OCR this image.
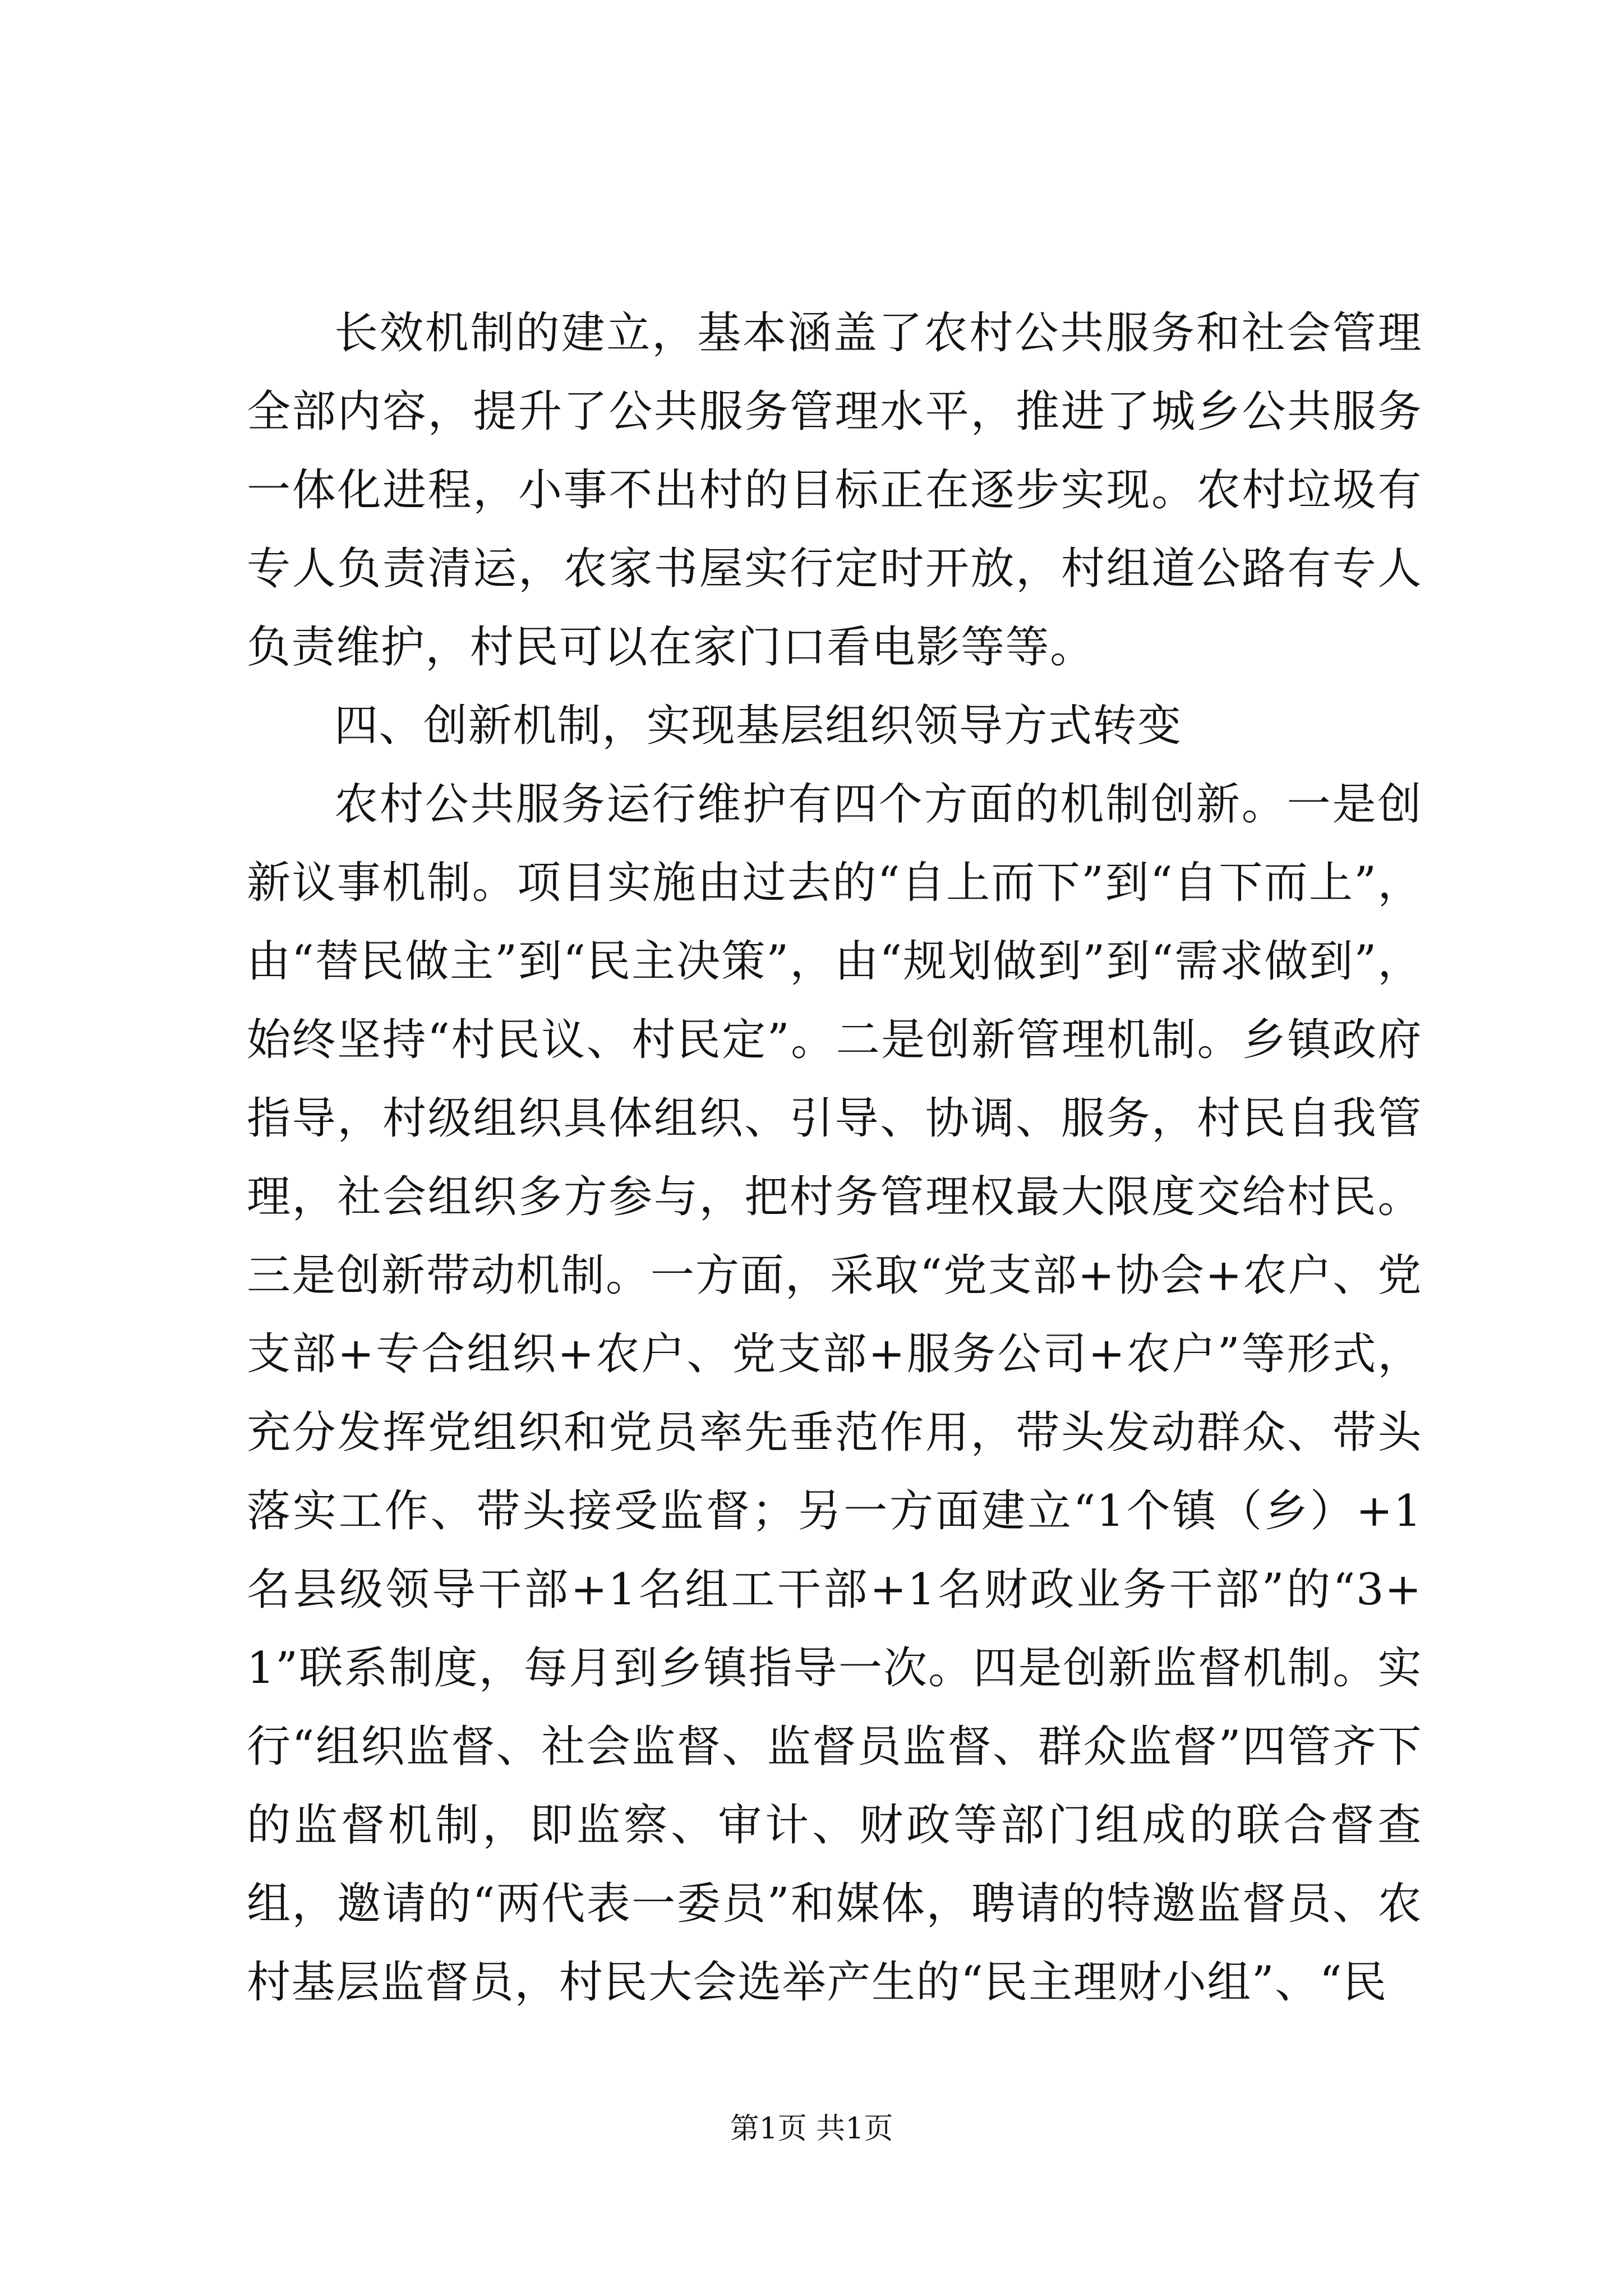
长效机制的建立，基本涵盖了农村公共服务和社会管理全部内容，提升了公共服务管理水平，推进了城乡公共服务一体化进程，小事不出村的目标正在逐步实现。农村垃圾有专人负责清运，农家书屋实行定时开放，村组道公路有专人负责维护，村民可以在家门口看电影等等。

四、创新机制，实现基层组织领导方式转变

农村公共服务运行维护有四个方面的机制创新。一是创新议事机制。项目实施由过去的“自上而下”到“自下而上”，由“替民做主”到“民主决策”，由“规划做到”到“需求做到”，始终坚持“村民议、村民定”。二是创新管理机制。乡镇政府指导，村级组织具体组织、引导、协调、服务，村民自我管理，社会组织多方参与，把村务管理权最大限度交给村民。三是创新带动机制。一方面，采取“党支部+协会+农户、党支部+专合组织+农户、党支部+服务公司+农户”等形式，充分发挥党组织和党员率先垂范作用，带头发动群众、带头落实工作、带头接受监督；另一方面建立“1个镇（乡）+1名县级领导干部+1名组工干部+1名财政业务干部”的“3+1”联系制度，每月到乡镇指导一次。四是创新监督机制。实行“组织监督、社会监督、监督员监督、群众监督”四管齐下的监督机制，即监察、审计、财政等部门组成的联合督查组，邀请的“两代表一委员”和媒体，聘请的特邀监督员、农村基层监督员，村民大会选举产生的“民主理财小组”、“民

第1页 共1页
